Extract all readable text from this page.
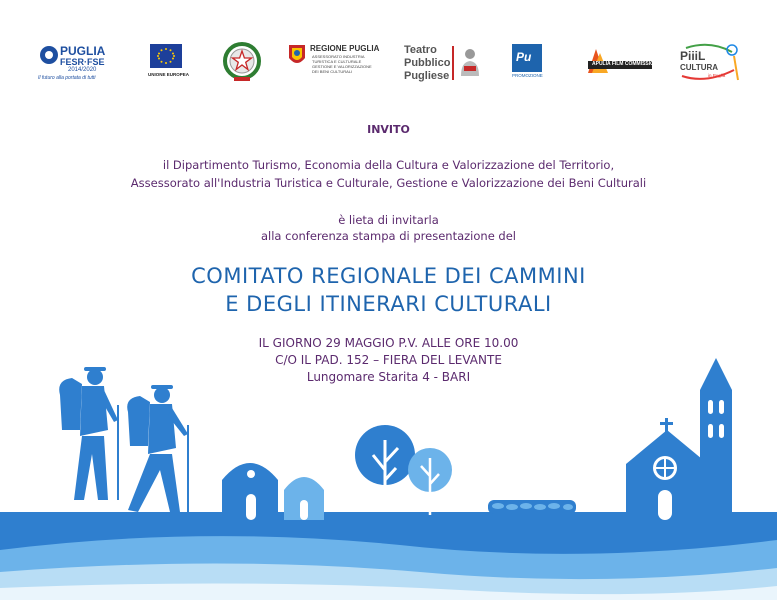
PUGLIA
FESR·FSE
2014/2020
Il futuro alla portata di tutti
UNIONE EUROPEA
REGIONE PUGLIA
ASSESSORATO INDUSTRIA
TURISTICA E CULTURALE
GESTIONE E VALORIZZAZIONE
DEI BENI CULTURALI
Teatro
Pubblico
Pugliese
Pu
PROMOZIONE
APULIA FILM COMMISSION
PiiiL
CULTURA
in Puglia
INVITO
il Dipartimento Turismo, Economia della Cultura e Valorizzazione del Territorio,
Assessorato all'Industria Turistica e Culturale, Gestione e Valorizzazione dei Beni Culturali
è lieta di invitarla
alla conferenza stampa di presentazione del
COMITATO REGIONALE DEI CAMMINI
E DEGLI ITINERARI CULTURALI
IL GIORNO 29 MAGGIO P.V. ALLE ORE 10.00
C/O IL PAD. 152 – FIERA DEL LEVANTE
Lungomare Starita 4 - BARI
